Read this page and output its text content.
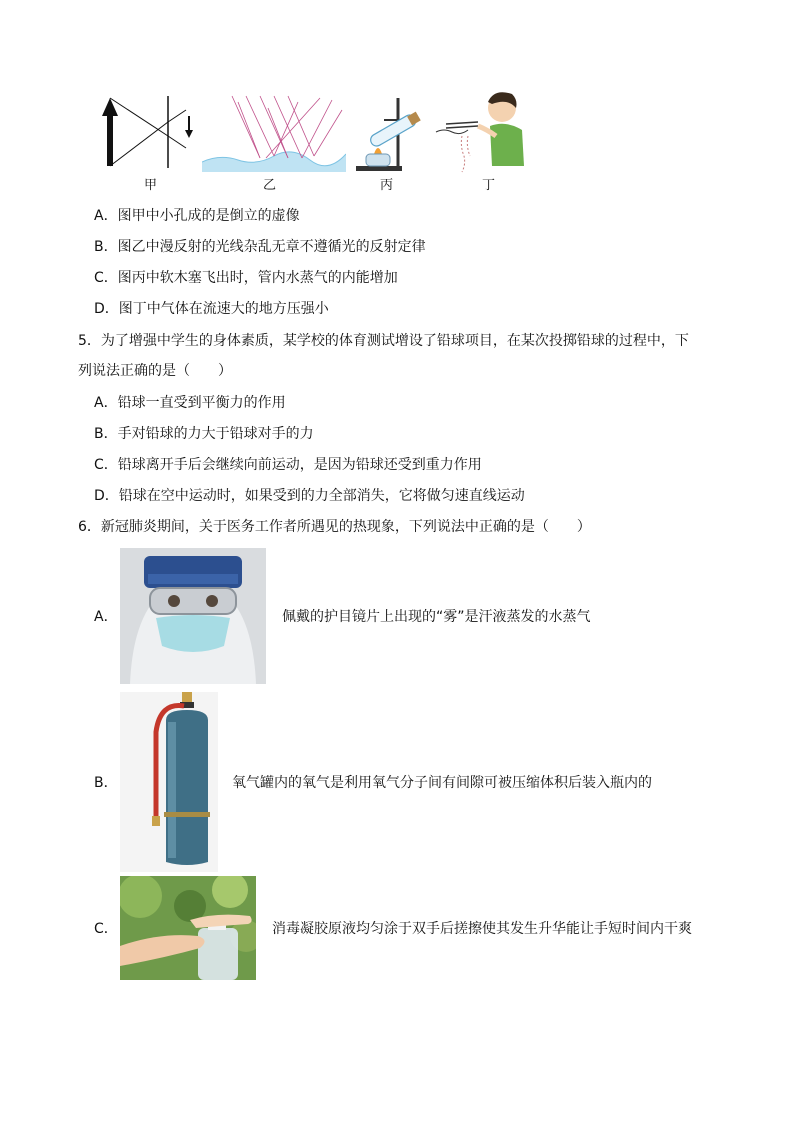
甲	乙	丙	丁
A．图甲中小孔成的是倒立的虚像
B．图乙中漫反射的光线杂乱无章不遵循光的反射定律
C．图丙中软木塞飞出时，管内水蒸气的内能增加
D．图丁中气体在流速大的地方压强小
5．为了增强中学生的身体素质，某学校的体育测试增设了铅球项目，在某次投掷铅球的过程中，下
列说法正确的是（　　）
A．铅球一直受到平衡力的作用
B．手对铅球的力大于铅球对手的力
C．铅球离开手后会继续向前运动，是因为铅球还受到重力作用
D．铅球在空中运动时，如果受到的力全部消失，它将做匀速直线运动
6．新冠肺炎期间，关于医务工作者所遇见的热现象，下列说法中正确的是（　　）
A．	佩戴的护目镜片上出现的“雾”是汗液蒸发的水蒸气
B．	氧气罐内的氧气是利用氧气分子间有间隙可被压缩体积后装入瓶内的
C．	消毒凝胶原液均匀涂于双手后搓擦使其发生升华能让手短时间内干爽
